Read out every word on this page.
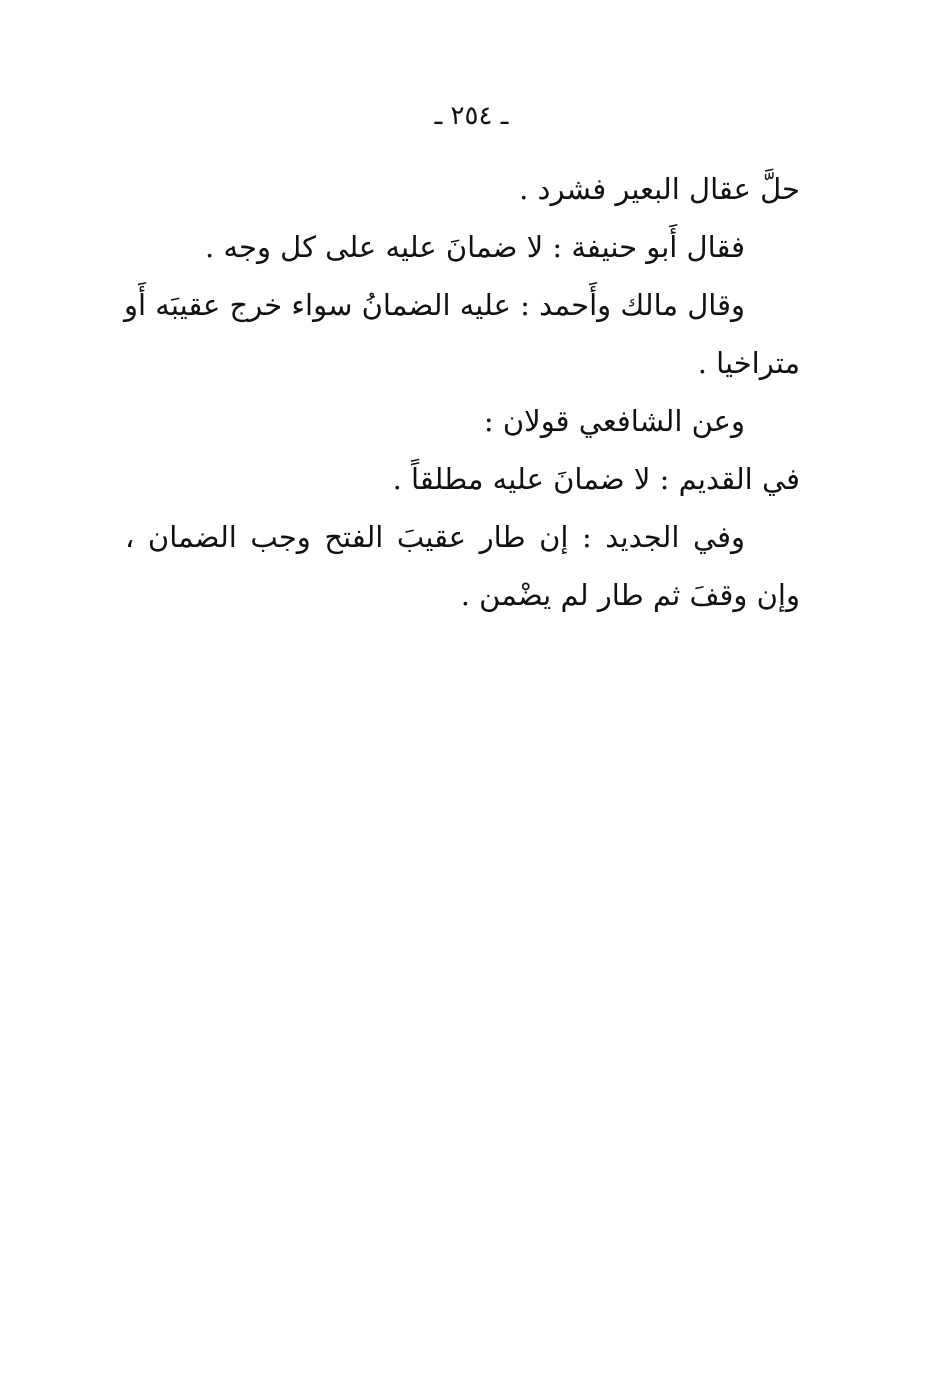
ـ ٢٥٤ ـ
حلَّ عقال البعير فشرد .
فقال أَبو حنيفة : لا ضمانَ عليه على كل وجه .
وقال مالك وأَحمد : عليه الضمانُ سواء خرج عقيبَه أَو
متراخيا .
وعن الشافعي قولان :
في القديم : لا ضمانَ عليه مطلقاً .
وفي الجديد : إن طار عقيبَ الفتح وجب الضمان ،
وإن وقفَ ثم طار لم يضْمن .
